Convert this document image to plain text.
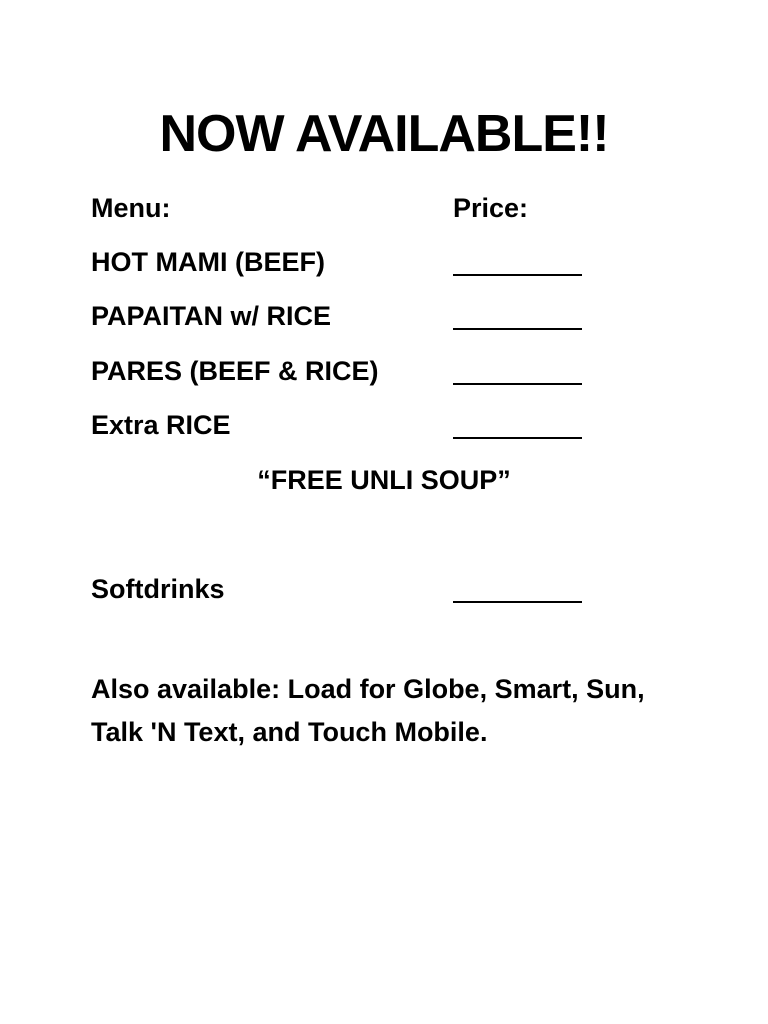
NOW AVAILABLE!!
Menu:	Price:
HOT MAMI (BEEF)
PAPAITAN w/ RICE
PARES (BEEF & RICE)
Extra RICE
“FREE UNLI SOUP”
Softdrinks
Also available: Load for Globe, Smart, Sun,
Talk 'N Text, and Touch Mobile.
